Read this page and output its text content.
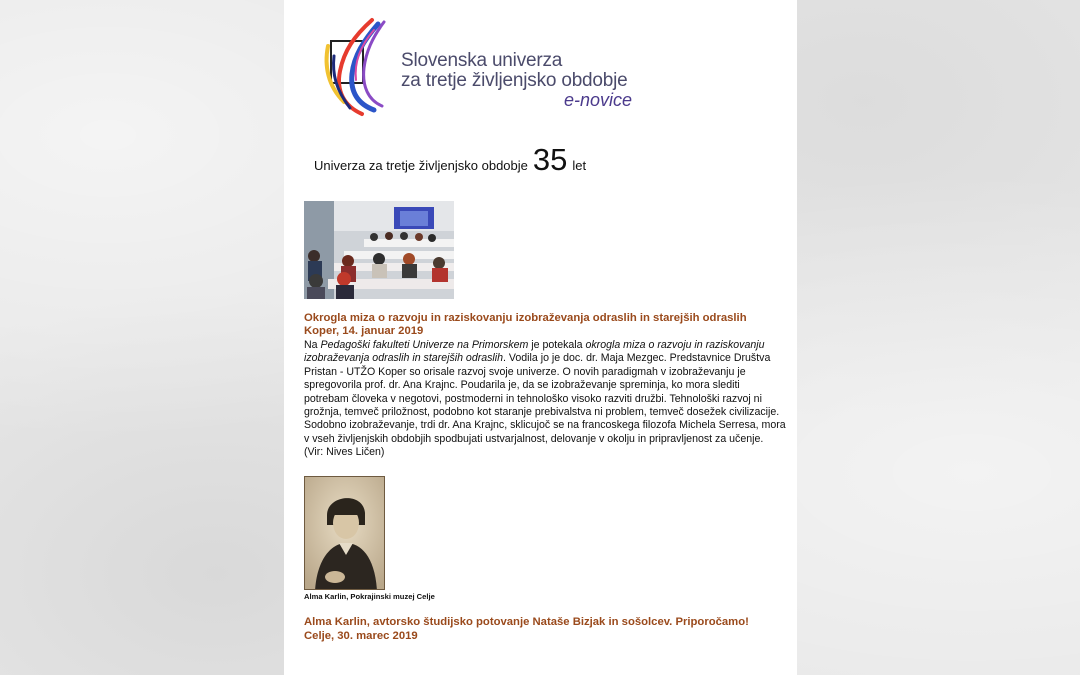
Slovenska univerza
za tretje življenjsko obdobje
e-novice
Univerza za tretje življenjsko obdobje 35 let
Okrogla miza o razvoju in raziskovanju izobraževanja odraslih in starejših odraslih
Koper, 14. januar 2019
Na Pedagoški fakulteti Univerze na Primorskem je potekala okrogla miza o razvoju in raziskovanju izobraževanja odraslih in starejših odraslih. Vodila jo je doc. dr. Maja Mezgec. Predstavnice Društva Pristan - UTŽO Koper so orisale razvoj svoje univerze. O novih paradigmah v izobraževanju je spregovorila prof. dr. Ana Krajnc. Poudarila je, da se izobraževanje spreminja, ko mora slediti potrebam človeka v negotovi, postmoderni in tehnološko visoko razviti družbi. Tehnološki razvoj ni grožnja, temveč priložnost, podobno kot staranje prebivalstva ni problem, temveč dosežek civilizacije. Sodobno izobraževanje, trdi dr. Ana Krajnc, sklicujoč se na francoskega filozofa Michela Serresa, mora v vseh življenjskih obdobjih spodbujati ustvarjalnost, delovanje v okolju in pripravljenost za učenje.
(Vir: Nives Ličen)
Alma Karlin, Pokrajinski muzej Celje
Alma Karlin, avtorsko študijsko potovanje Nataše Bizjak in sošolcev. Priporočamo!
Celje, 30. marec 2019
